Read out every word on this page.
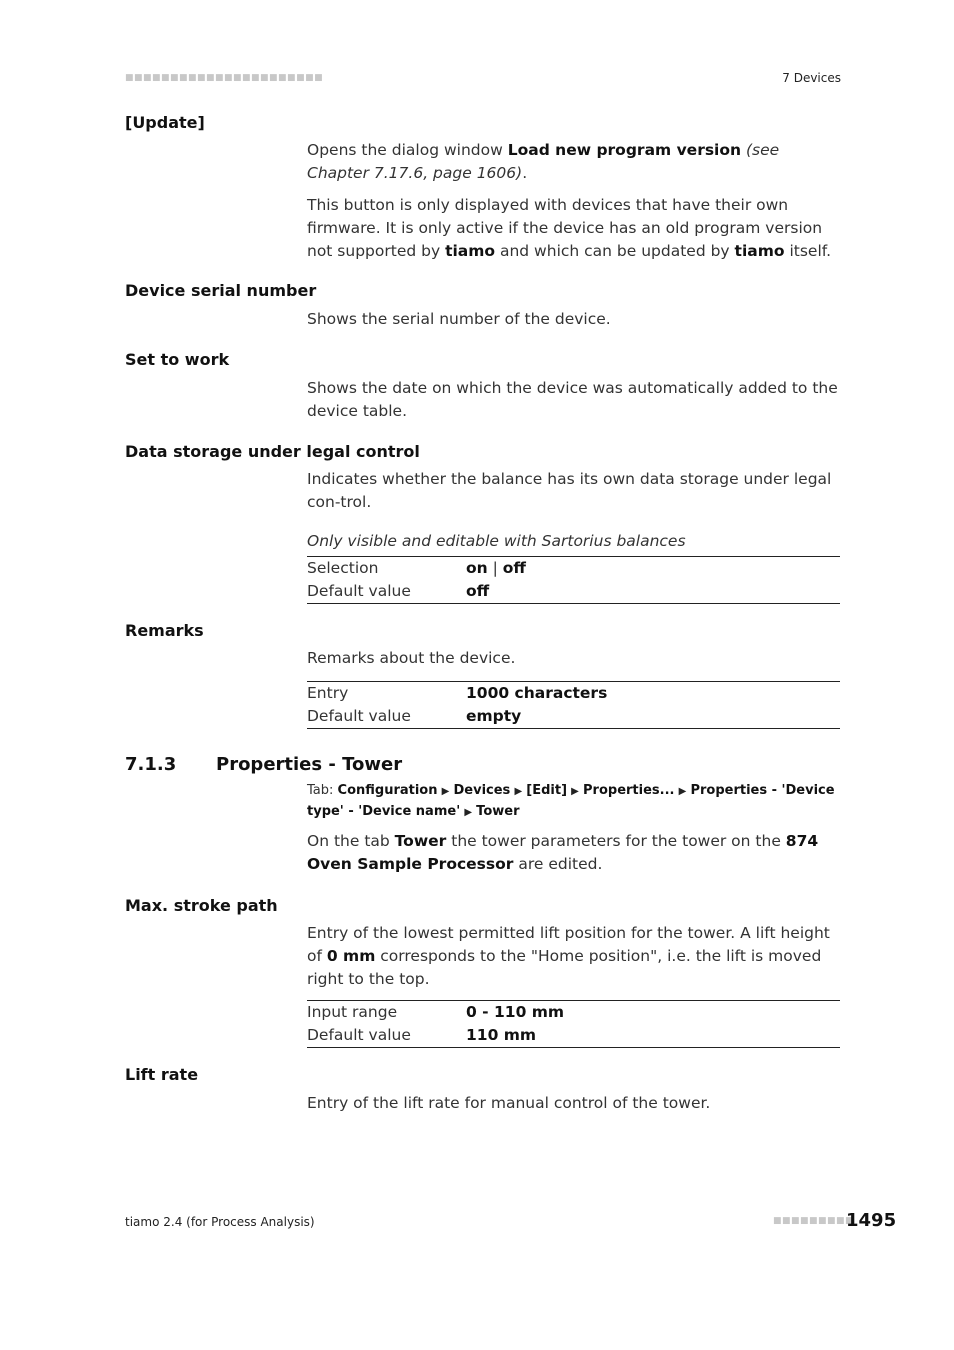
■■■■■■■■■■■■■■■■■■■■■■	7 Devices
[Update]
Opens the dialog window Load new program version (see Chapter 7.17.6, page 1606).
This button is only displayed with devices that have their own firmware. It is only active if the device has an old program version not supported by tiamo and which can be updated by tiamo itself.
Device serial number
Shows the serial number of the device.
Set to work
Shows the date on which the device was automatically added to the device table.
Data storage under legal control
Indicates whether the balance has its own data storage under legal con-trol.
Only visible and editable with Sartorius balances
Selection	on | off
Default value	off
Remarks
Remarks about the device.
Entry	1000 characters
Default value	empty
7.1.3 Properties - Tower
Tab: Configuration ▶ Devices ▶ [Edit] ▶ Properties... ▶ Properties - 'Device type' - 'Device name' ▶ Tower
On the tab Tower the tower parameters for the tower on the 874 Oven Sample Processor are edited.
Max. stroke path
Entry of the lowest permitted lift position for the tower. A lift height of 0 mm corresponds to the "Home position", i.e. the lift is moved right to the top.
Input range	0 - 110 mm
Default value	110 mm
Lift rate
Entry of the lift rate for manual control of the tower.
tiamo 2.4 (for Process Analysis)	■■■■■■■■■
1495
